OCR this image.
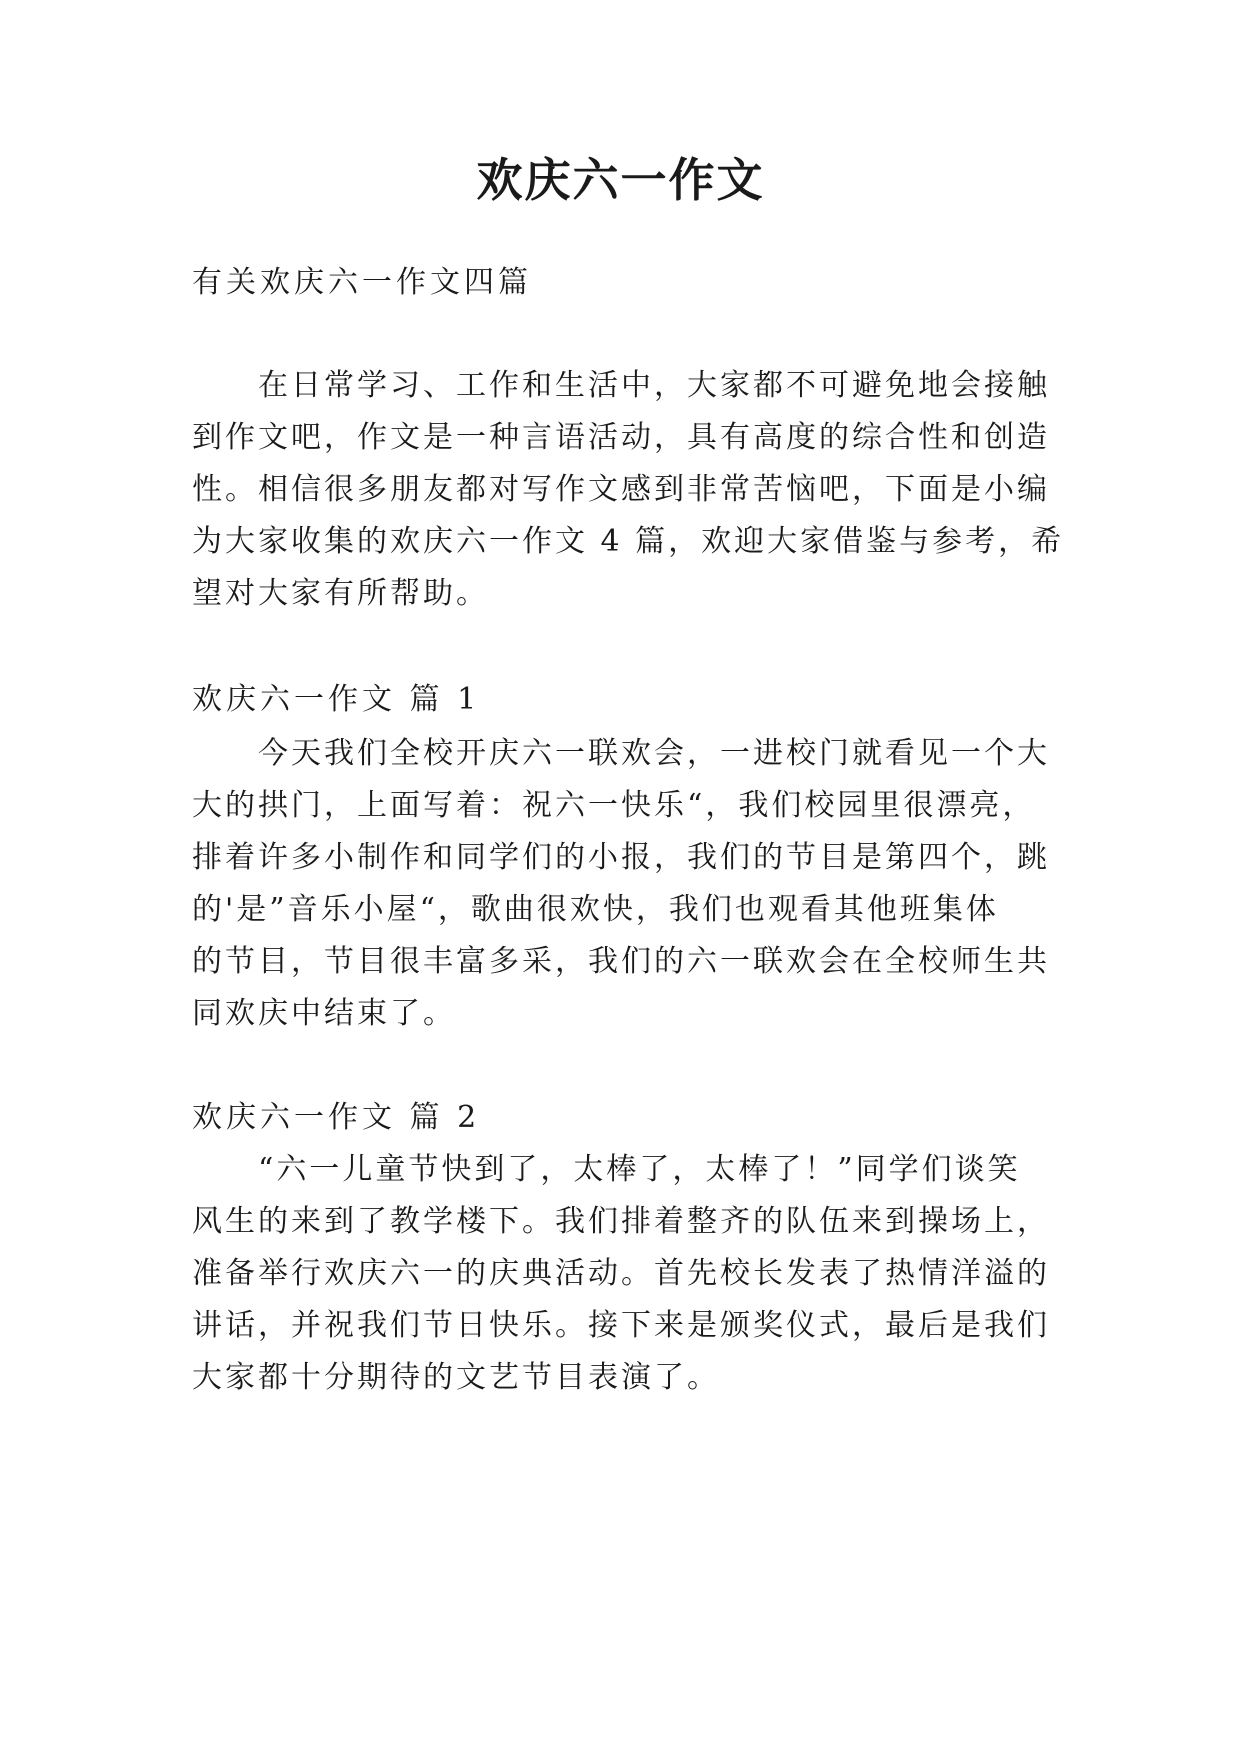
欢庆六一作文
有关欢庆六一作文四篇
在日常学习、工作和生活中，大家都不可避免地会接触
到作文吧，作文是一种言语活动，具有高度的综合性和创造
性。相信很多朋友都对写作文感到非常苦恼吧，下面是小编
为大家收集的欢庆六一作文 4 篇，欢迎大家借鉴与参考，希
望对大家有所帮助。
欢庆六一作文 篇 1
今天我们全校开庆六一联欢会，一进校门就看见一个大
大的拱门，上面写着：祝六一快乐“，我们校园里很漂亮，
排着许多小制作和同学们的小报，我们的节目是第四个，跳
的'是”音乐小屋“，歌曲很欢快，我们也观看其他班集体
的节目，节目很丰富多采，我们的六一联欢会在全校师生共
同欢庆中结束了。
欢庆六一作文 篇 2
“六一儿童节快到了，太棒了，太棒了！”同学们谈笑
风生的来到了教学楼下。我们排着整齐的队伍来到操场上，
准备举行欢庆六一的庆典活动。首先校长发表了热情洋溢的
讲话，并祝我们节日快乐。接下来是颁奖仪式，最后是我们
大家都十分期待的文艺节目表演了。
